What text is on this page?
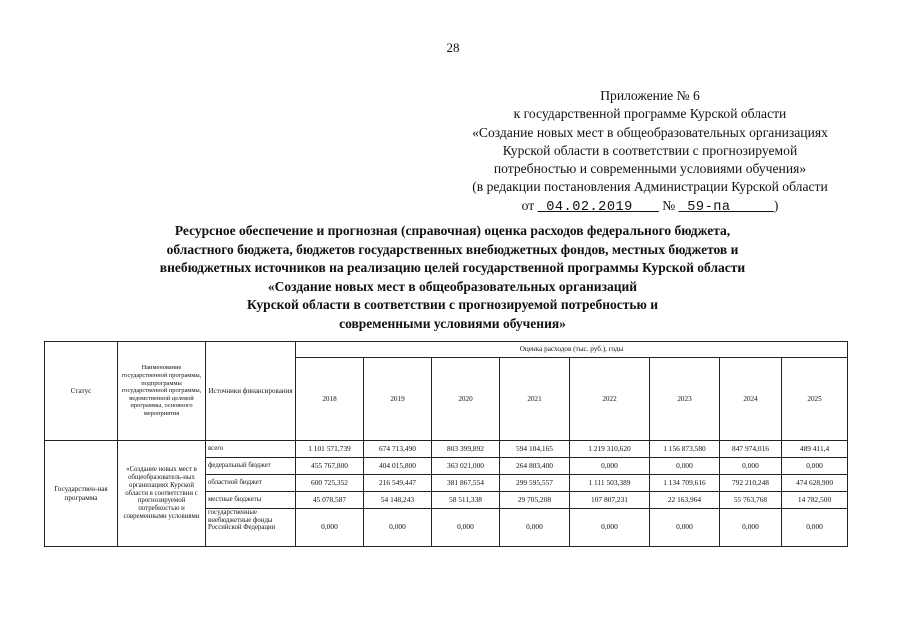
28
Приложение № 6
к государственной программе Курской области
«Создание новых мест в общеобразовательных организациях
Курской области в соответствии с прогнозируемой
потребностью и современными условиями обучения»
(в редакции постановления Администрации Курской области
от 04.02.2019 № 59-па	)
Ресурсное обеспечение и прогнозная (справочная) оценка расходов федерального бюджета,
областного бюджета, бюджетов государственных внебюджетных фондов, местных бюджетов и
внебюджетных источников на реализацию целей государственной программы Курской области
«Создание новых мест в общеобразовательных организаций
Курской области в соответствии с прогнозируемой потребностью и
современными условиями обучения»
Статус	Наименование государственной программы, подпрограммы государственной программы, ведомственной целевой программы, основного мероприятия	Источники финансирования	Оценка расходов (тыс. руб.), годы							
			2018	2019	2020	2021	2022	2023	2024	2025
Государствен-ная программа	«Создание новых мест в общеобразователь-ных организациях Курской области в соответствии с прогнозируемой потребностью и современными условиями	всего	1 101 571,739	674 713,490	803 399,892	594 104,165	1 219 310,620	1 156 873,580	847 974,016	489 411,4
		федеральный бюджет	455 767,800	404 015,800	363 021,000	264 803,400	0,000	0,000	0,000	0,000
		областной бюджет	600 725,352	216 549,447	381 867,554	299 595,557	1 111 503,389	1 134 709,616	792 210,248	474 628,900
		местные бюджеты	45 078,587	54 148,243	58 511,338	29 705,208	107 807,231	22 163,964	55 763,768	14 782,500
		государственные внебюджетные фонды Российской Федерации	0,000	0,000	0,000	0,000	0,000	0,000	0,000	0,000
